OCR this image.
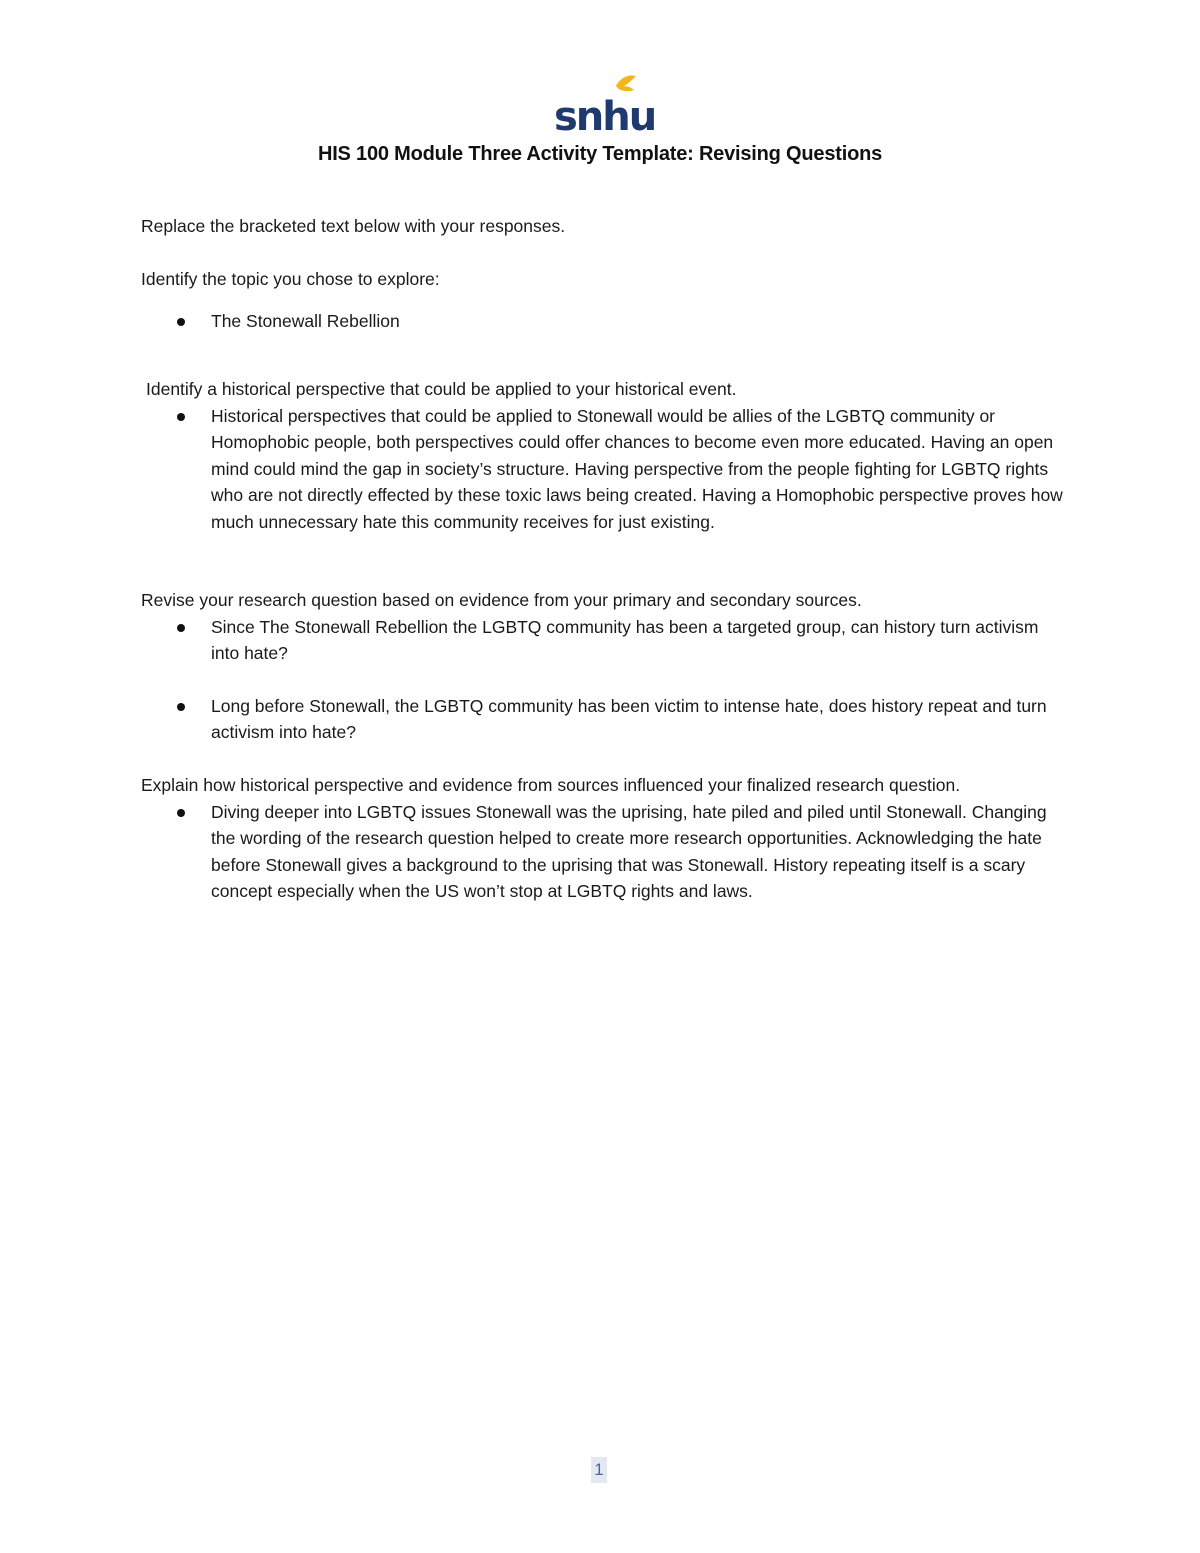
snhu
HIS 100 Module Three Activity Template: Revising Questions
Replace the bracketed text below with your responses.

Identify the topic you chose to explore:

The Stonewall Rebellion

Identify a historical perspective that could be applied to your historical event.

Historical perspectives that could be applied to Stonewall would be allies of the LGBTQ community or Homophobic people, both perspectives could offer chances to become even more educated. Having an open mind could mind the gap in society’s structure. Having perspective from the people fighting for LGBTQ rights who are not directly effected by these toxic laws being created. Having a Homophobic perspective proves how much unnecessary hate this community receives for just existing.

Revise your research question based on evidence from your primary and secondary sources.

Since The Stonewall Rebellion the LGBTQ community has been a targeted group, can history turn activism into hate?
Long before Stonewall, the LGBTQ community has been victim to intense hate, does history repeat and turn activism into hate?

Explain how historical perspective and evidence from sources influenced your finalized research question.

Diving deeper into LGBTQ issues Stonewall was the uprising, hate piled and piled until Stonewall. Changing the wording of the research question helped to create more research opportunities. Acknowledging the hate before Stonewall gives a background to the uprising that was Stonewall. History repeating itself is a scary concept especially when the US won’t stop at LGBTQ rights and laws.
1
